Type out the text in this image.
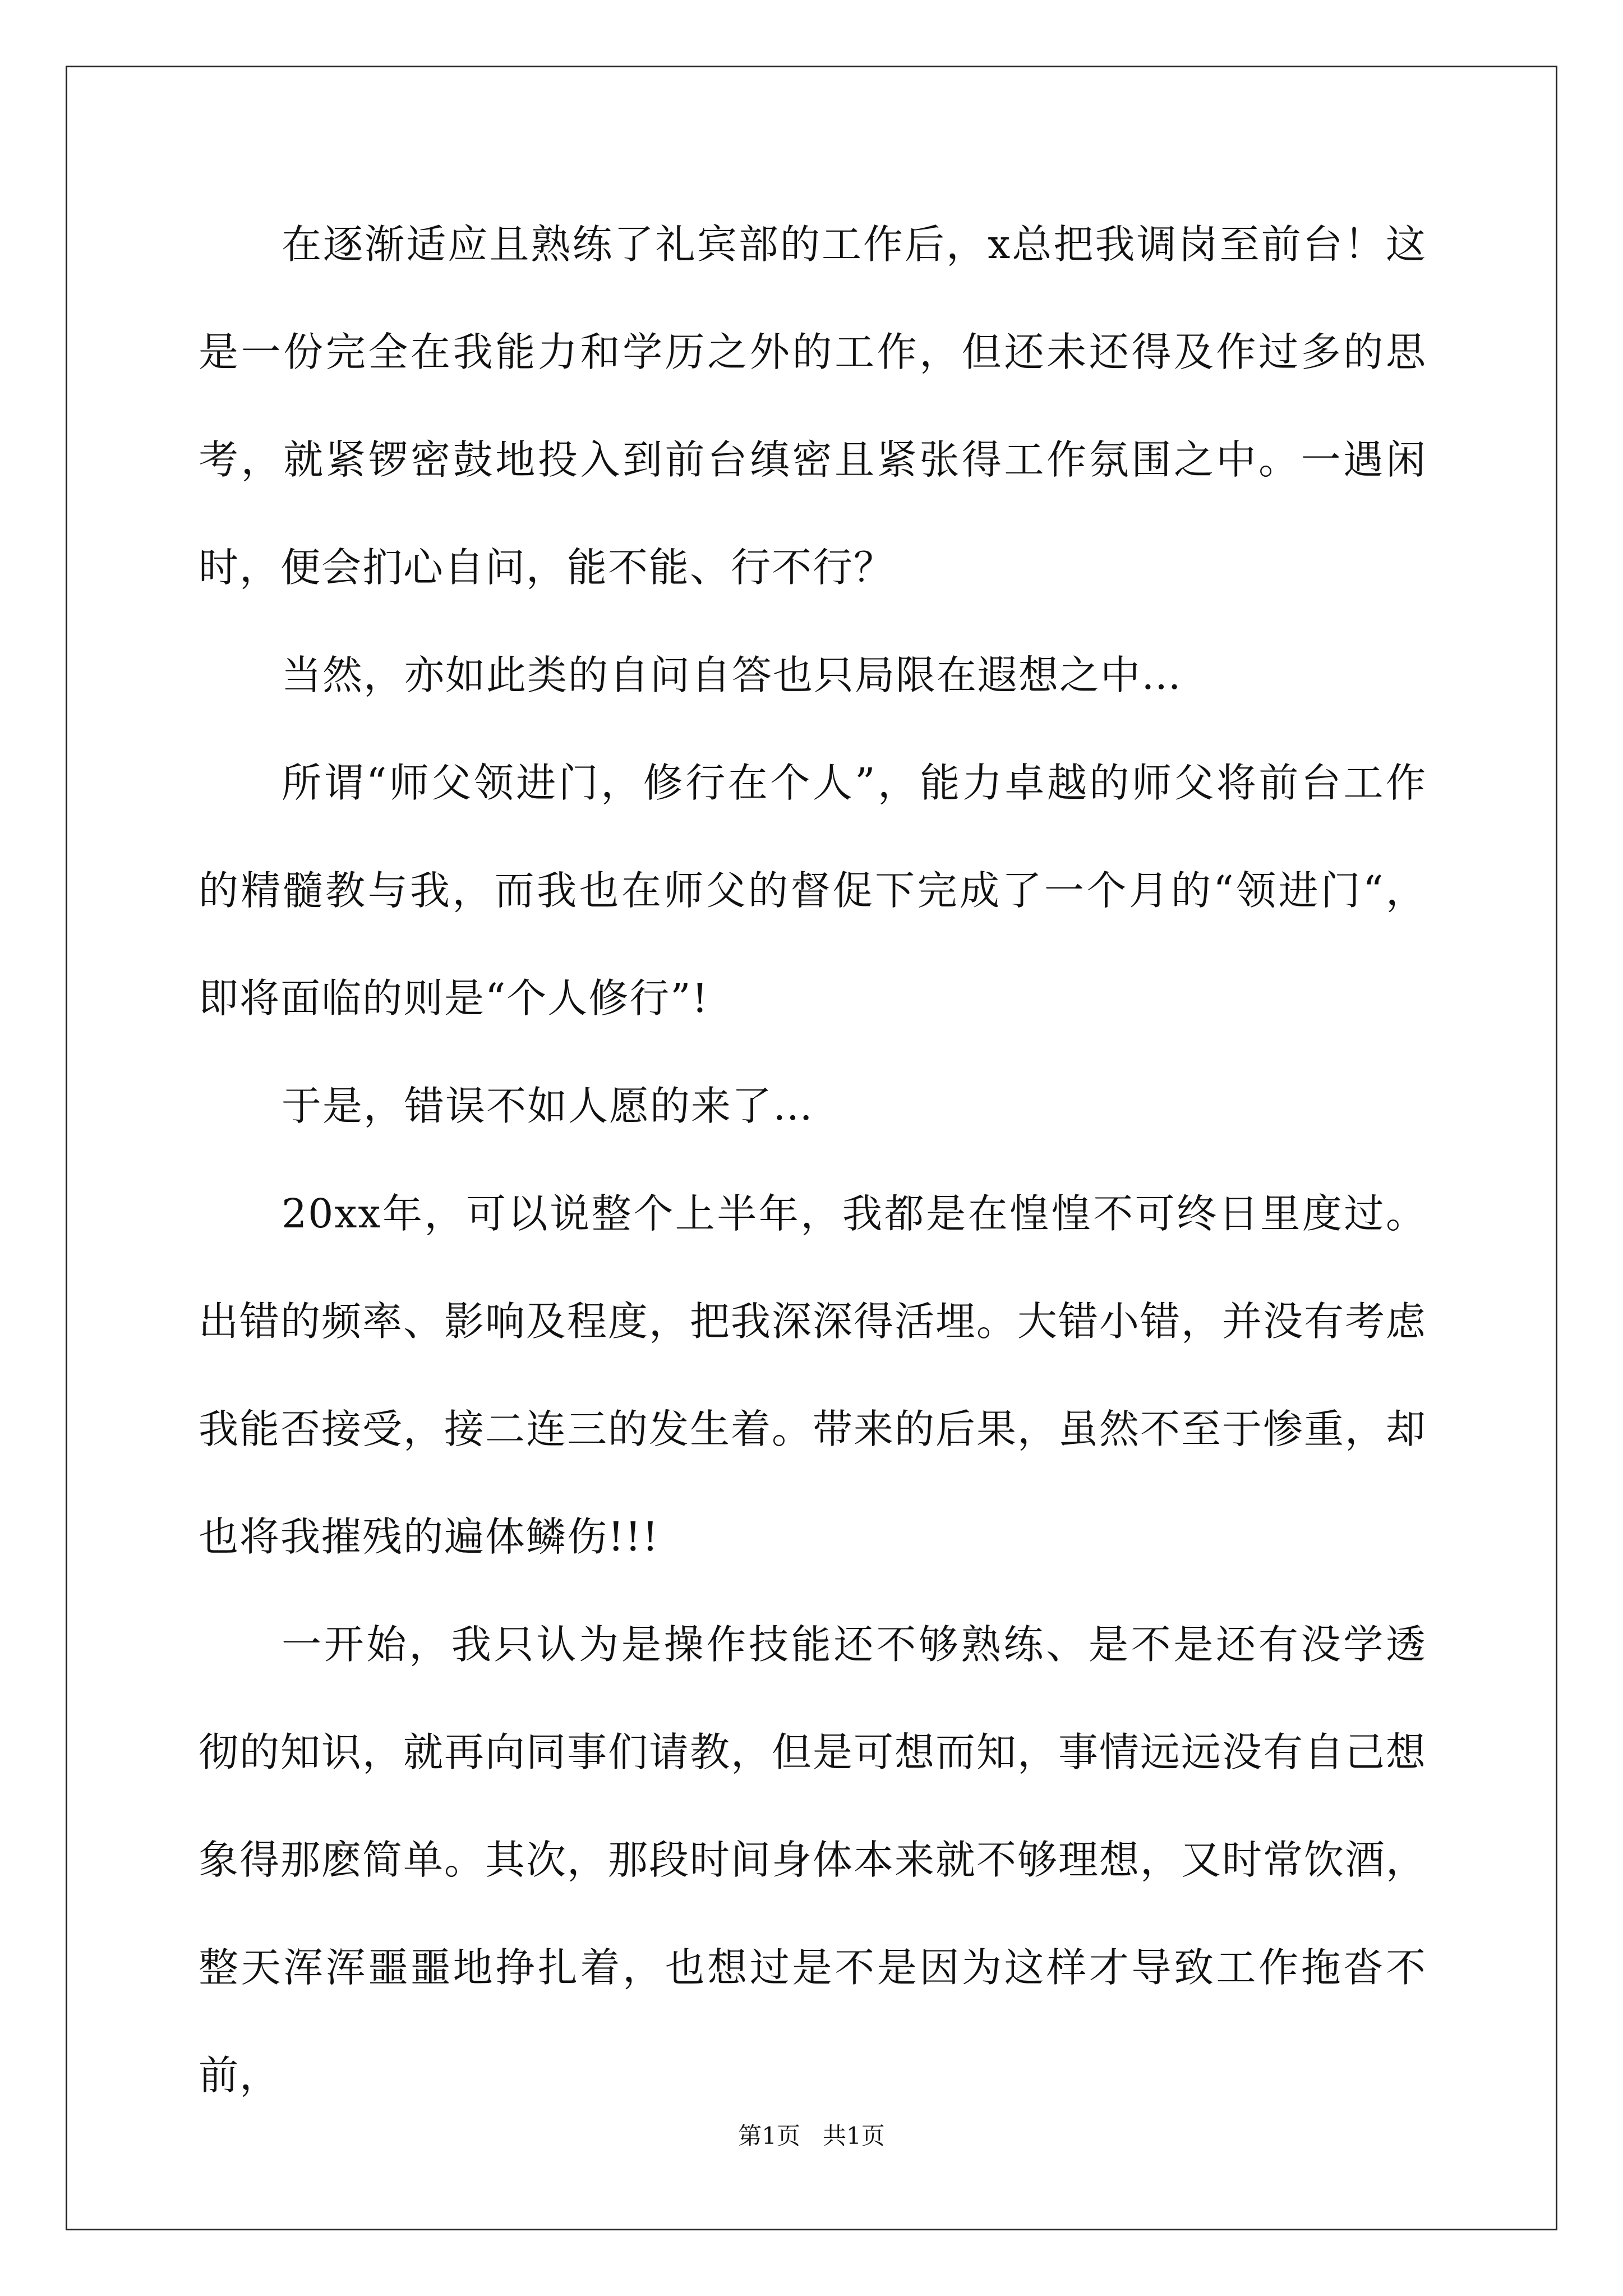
在逐渐适应且熟练了礼宾部的工作后，x总把我调岗至前台！这是一份完全在我能力和学历之外的工作，但还未还得及作过多的思考，就紧锣密鼓地投入到前台缜密且紧张得工作氛围之中。一遇闲时，便会扪心自问，能不能、行不行？

当然，亦如此类的自问自答也只局限在遐想之中…

所谓“师父领进门，修行在个人”，能力卓越的师父将前台工作的精髓教与我，而我也在师父的督促下完成了一个月的“领进门“，即将面临的则是“个人修行”!

于是，错误不如人愿的来了…

20xx年，可以说整个上半年，我都是在惶惶不可终日里度过。出错的频率、影响及程度，把我深深得活埋。大错小错，并没有考虑我能否接受，接二连三的发生着。带来的后果，虽然不至于惨重，却也将我摧残的遍体鳞伤!!!

一开始，我只认为是操作技能还不够熟练、是不是还有没学透彻的知识，就再向同事们请教，但是可想而知，事情远远没有自己想象得那麽简单。其次，那段时间身体本来就不够理想，又时常饮酒，整天浑浑噩噩地挣扎着，也想过是不是因为这样才导致工作拖沓不前，

第1页 共1页
